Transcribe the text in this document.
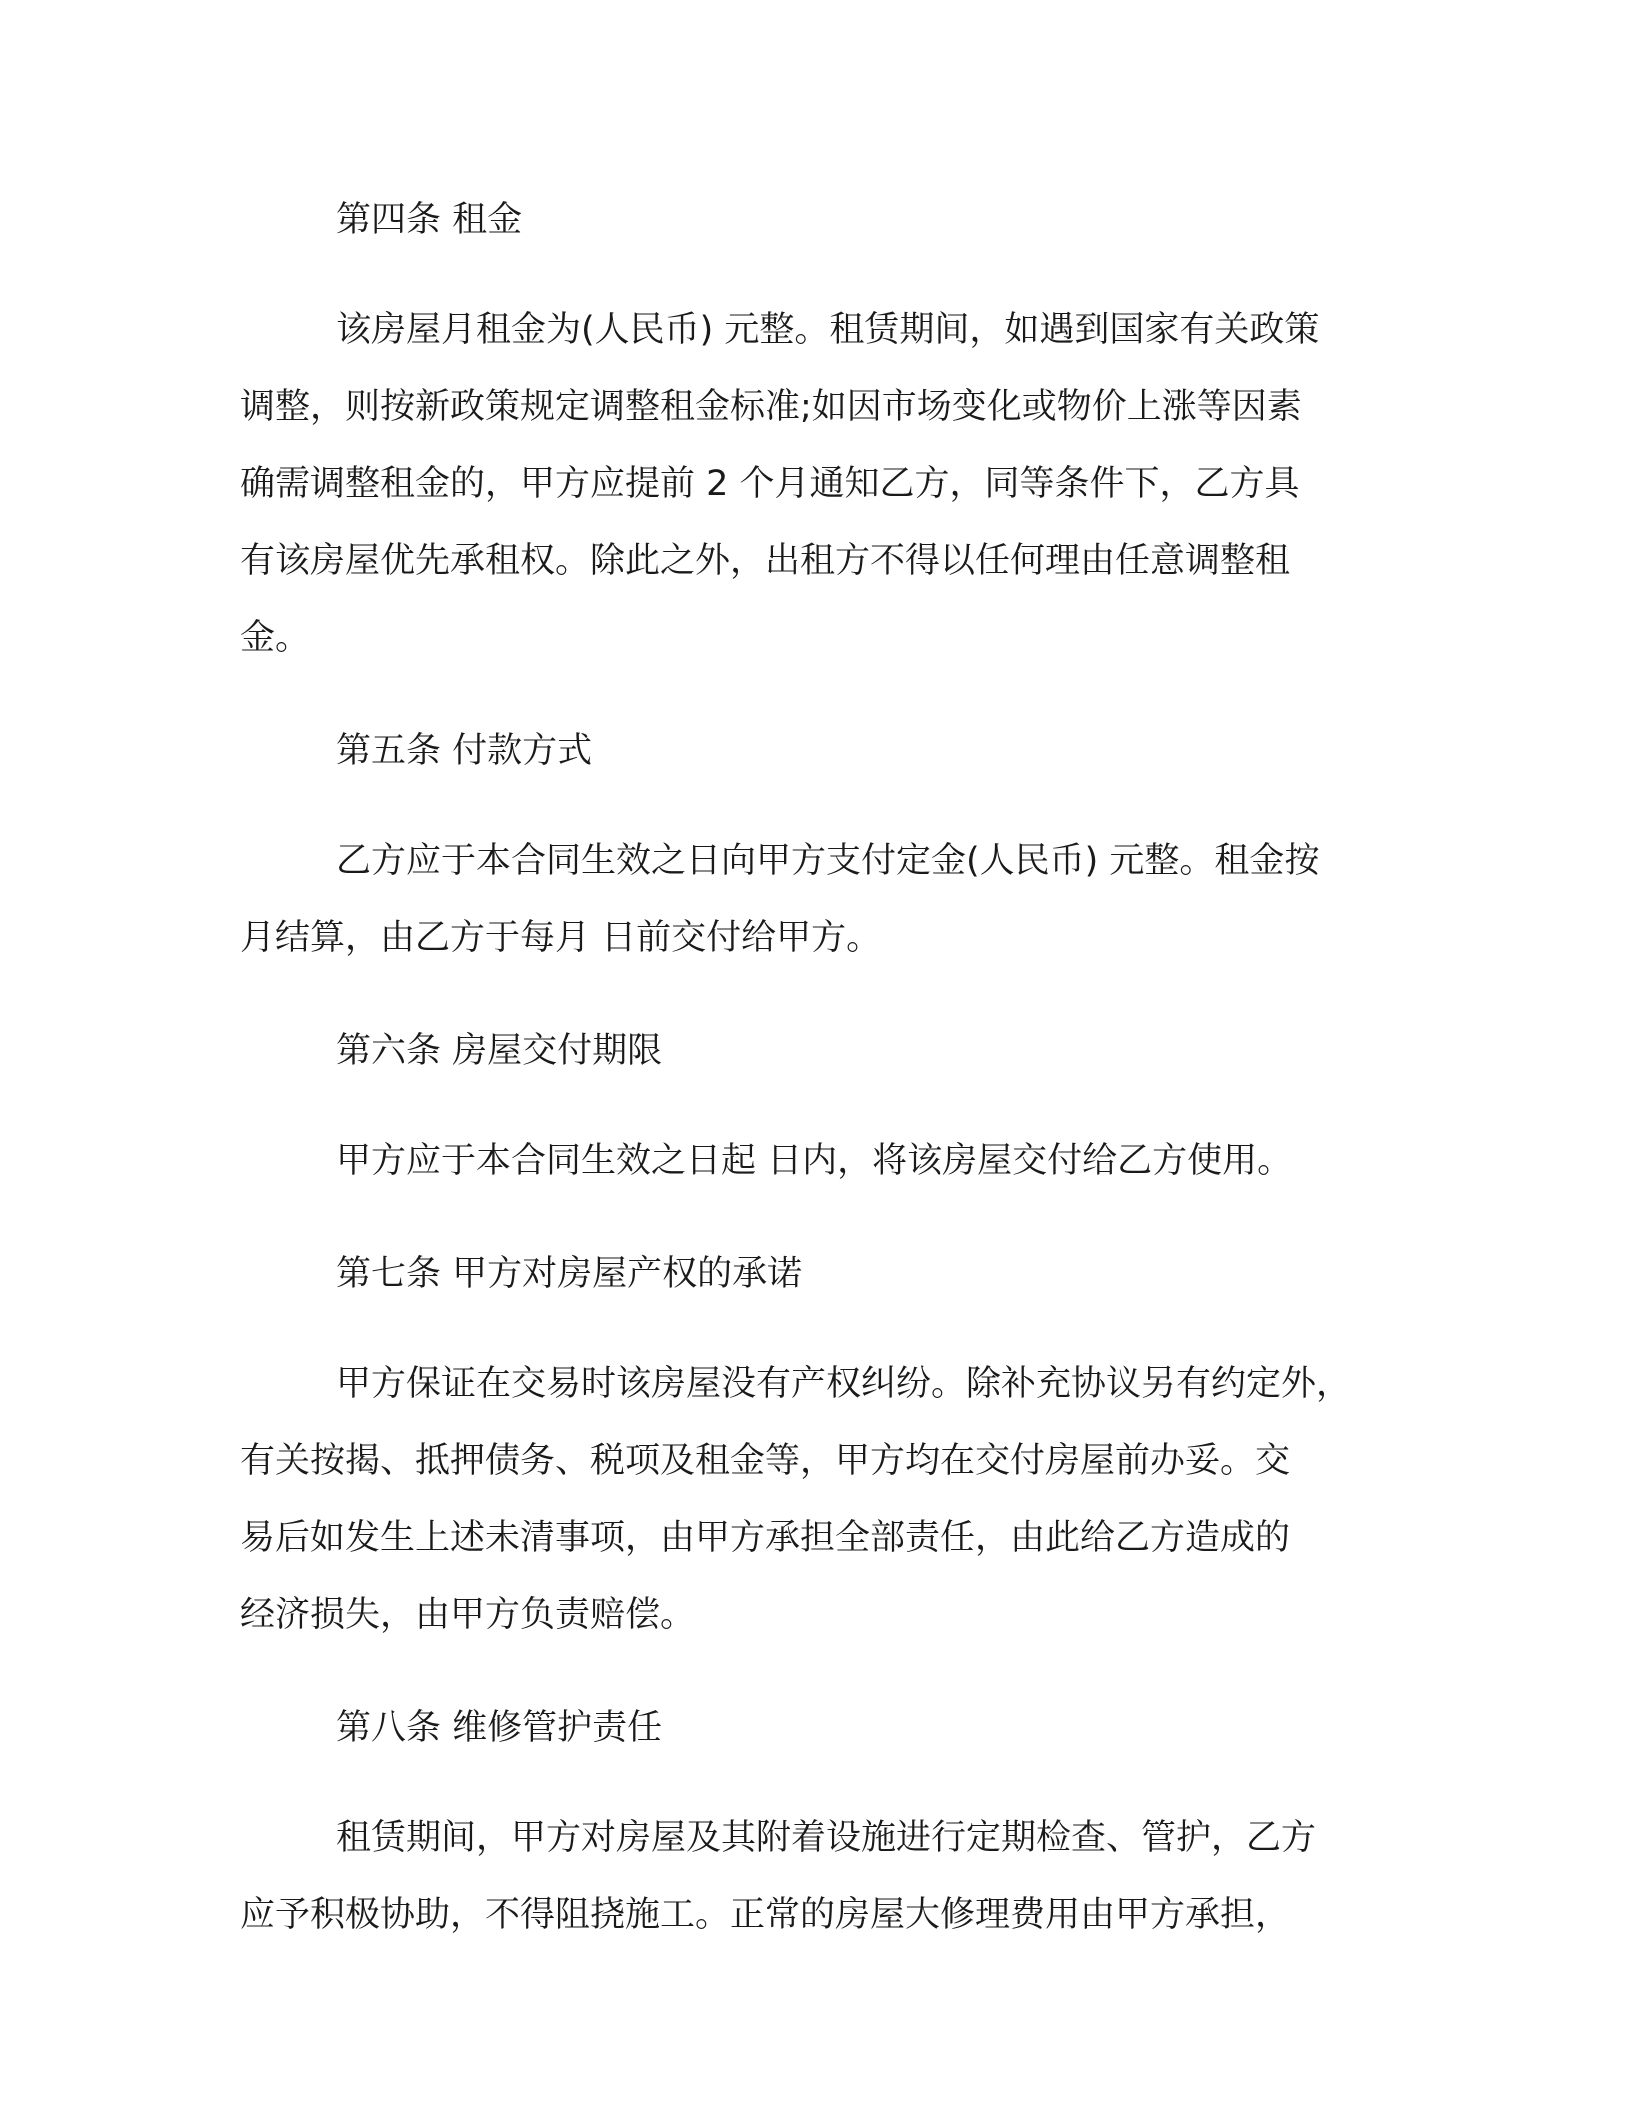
第四条 租金
该房屋月租金为(人民币) 元整。租赁期间，如遇到国家有关政策
调整，则按新政策规定调整租金标准;如因市场变化或物价上涨等因素
确需调整租金的，甲方应提前 2 个月通知乙方，同等条件下，乙方具
有该房屋优先承租权。除此之外，出租方不得以任何理由任意调整租
金。
第五条 付款方式
乙方应于本合同生效之日向甲方支付定金(人民币) 元整。租金按
月结算，由乙方于每月 日前交付给甲方。
第六条 房屋交付期限
甲方应于本合同生效之日起 日内，将该房屋交付给乙方使用。
第七条 甲方对房屋产权的承诺
甲方保证在交易时该房屋没有产权纠纷。除补充协议另有约定外，
有关按揭、抵押债务、税项及租金等，甲方均在交付房屋前办妥。交
易后如发生上述未清事项，由甲方承担全部责任，由此给乙方造成的
经济损失，由甲方负责赔偿。
第八条 维修管护责任
租赁期间，甲方对房屋及其附着设施进行定期检查、管护，乙方
应予积极协助，不得阻挠施工。正常的房屋大修理费用由甲方承担，
